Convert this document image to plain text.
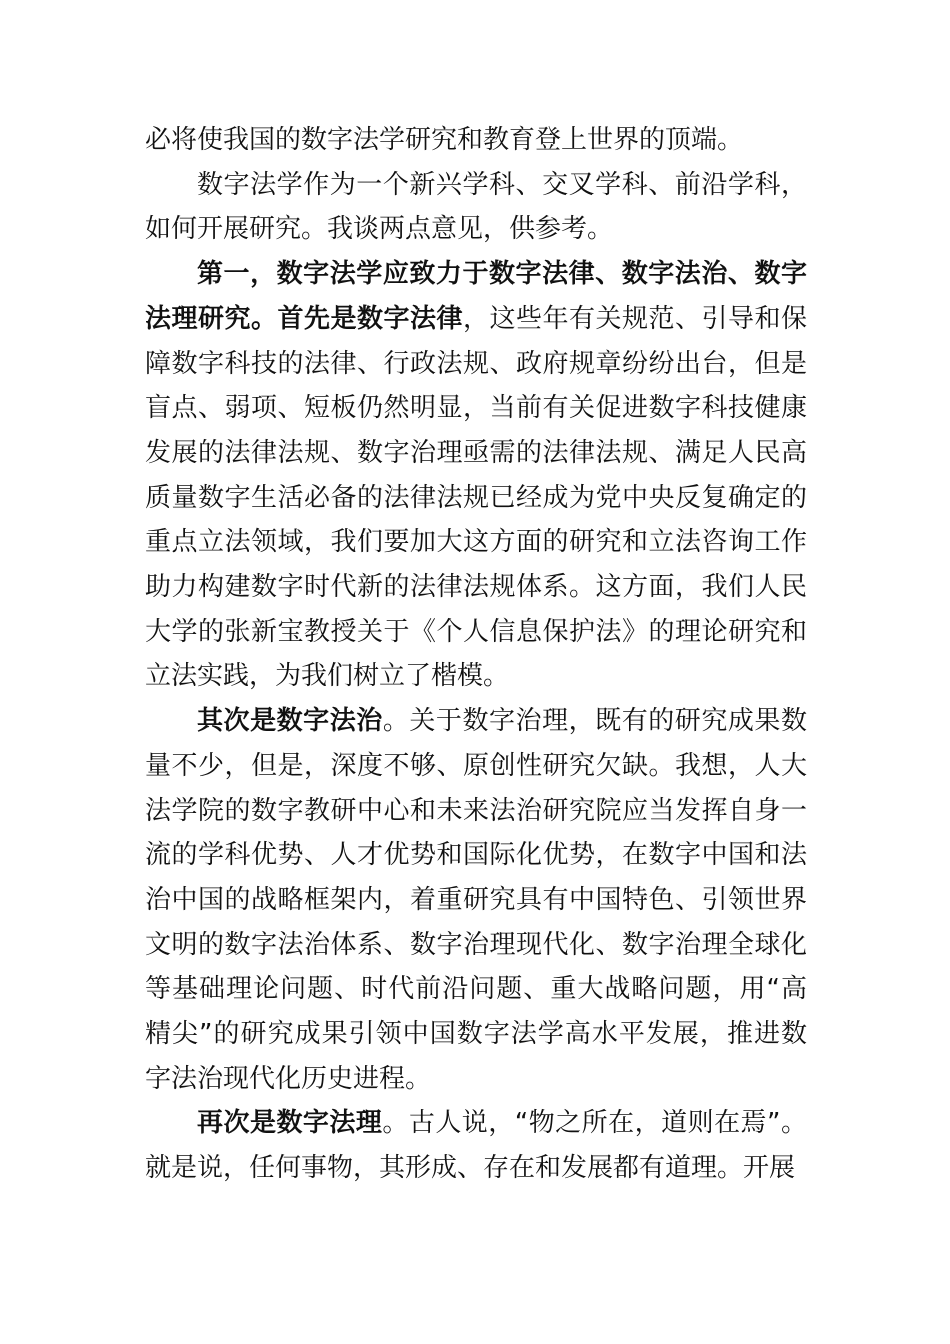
必将使我国的数字法学研究和教育登上世界的顶端。

数字法学作为一个新兴学科、交叉学科、前沿学科，如何开展研究。我谈两点意见，供参考。

第一，数字法学应致力于数字法律、数字法治、数字法理研究。首先是数字法律，这些年有关规范、引导和保障数字科技的法律、行政法规、政府规章纷纷出台，但是盲点、弱项、短板仍然明显，当前有关促进数字科技健康发展的法律法规、数字治理亟需的法律法规、满足人民高质量数字生活必备的法律法规已经成为党中央反复确定的重点立法领域，我们要加大这方面的研究和立法咨询工作助力构建数字时代新的法律法规体系。这方面，我们人民大学的张新宝教授关于《个人信息保护法》的理论研究和立法实践，为我们树立了楷模。

其次是数字法治。关于数字治理，既有的研究成果数量不少，但是，深度不够、原创性研究欠缺。我想，人大法学院的数字教研中心和未来法治研究院应当发挥自身一流的学科优势、人才优势和国际化优势，在数字中国和法治中国的战略框架内，着重研究具有中国特色、引领世界文明的数字法治体系、数字治理现代化、数字治理全球化等基础理论问题、时代前沿问题、重大战略问题，用“高精尖”的研究成果引领中国数字法学高水平发展，推进数字法治现代化历史进程。

再次是数字法理。古人说，“物之所在，道则在焉”。就是说，任何事物，其形成、存在和发展都有道理。开展
